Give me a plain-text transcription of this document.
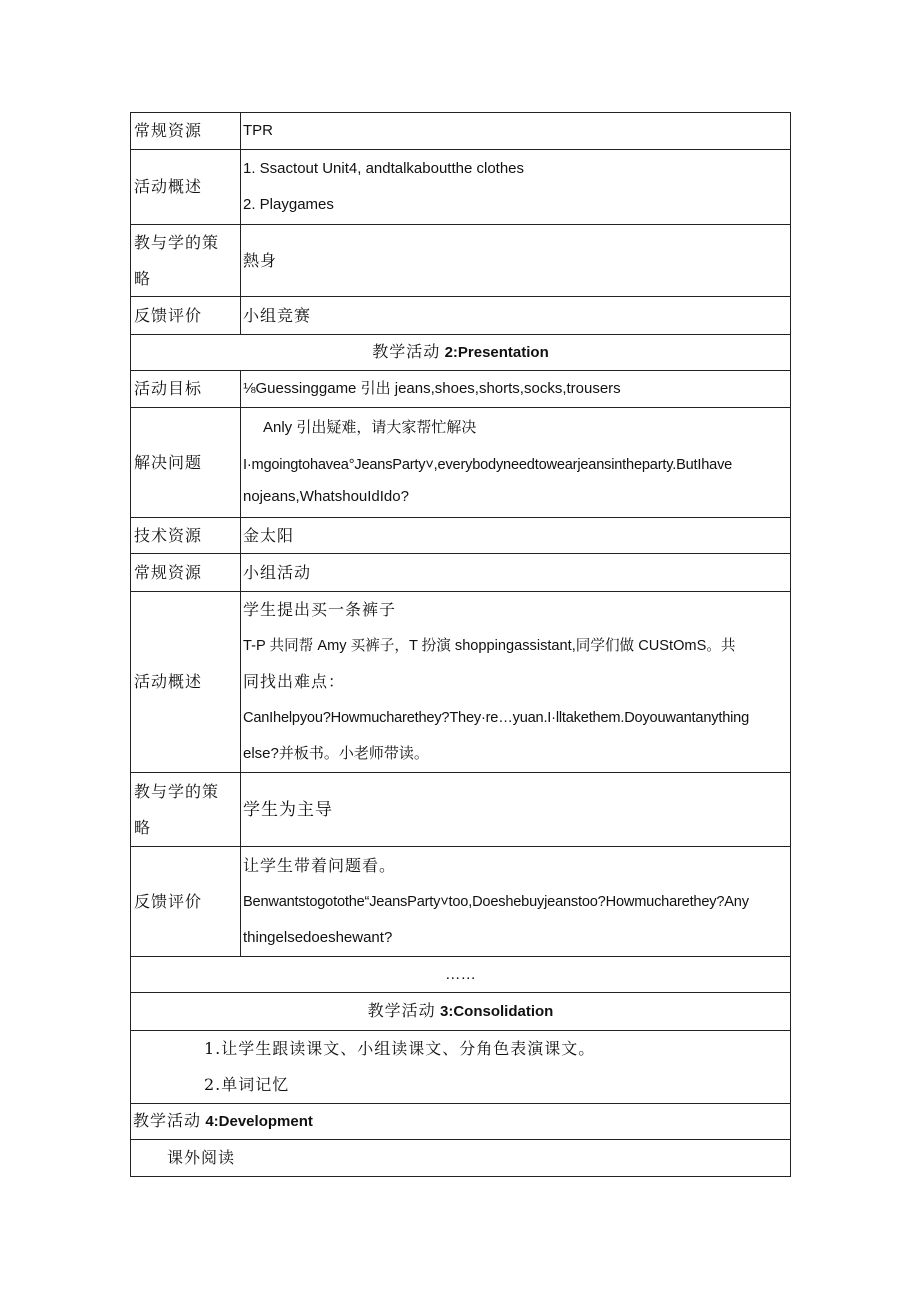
常规资源	TPR
活动概述	1. Ssactout Unit4, andtalkaboutthe clothes
2. Playgames

教与学的策
略	熱身
反馈评价	小组竞赛
教学活动 2:Presentation	
活动目标	⅛Guessinggame 引出 jeans,shoes,shorts,socks,trousers
解决问题	Anly 引出疑难，请大家帮忙解决
I·mgoingtohavea°JeansParty˅,everybodyneedtowearjeansintheparty.ButIhave
nojeans,WhatshouIdIdo?

技术资源	金太阳
常规资源	小组活动
活动概述	学生提出买一条裤子
T-P 共同帮 Amy 买裤子，T 扮演 shoppingassistant,同学们做 CUStOmS。共
同找出难点：
CanIhelpyou?Howmucharethey?They·re…yuan.I·lltakethem.Doyouwantanything
else?并板书。小老师带读。

教与学的策
略	学生为主导
反馈评价	让学生带着问题看。
Benwantstogotothe“JeansParty˅too,Doeshebuyjeanstoo?Howmucharethey?Any
thingelsedoeshewant?

……	
教学活动 3:Consolidation	

1.让学生跟读课文、小组读课文、分角色表演课文。
2.单词记忆	

教学活动 4:Development	
课外阅读	
